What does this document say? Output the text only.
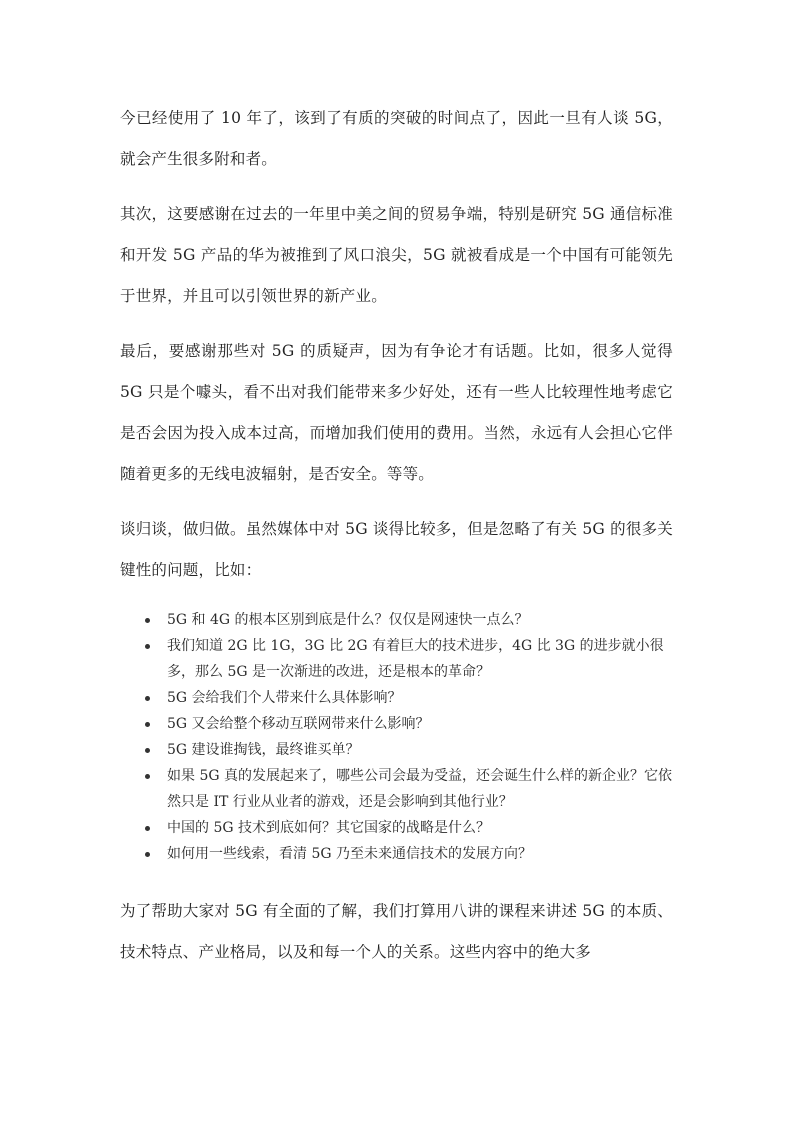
今已经使用了 10 年了，该到了有质的突破的时间点了，因此一旦有人谈 5G，就会产生很多附和者。

其次，这要感谢在过去的一年里中美之间的贸易争端，特别是研究 5G 通信标准和开发 5G 产品的华为被推到了风口浪尖，5G 就被看成是一个中国有可能领先于世界，并且可以引领世界的新产业。

最后，要感谢那些对 5G 的质疑声，因为有争论才有话题。比如，很多人觉得 5G 只是个噱头，看不出对我们能带来多少好处，还有一些人比较理性地考虑它是否会因为投入成本过高，而增加我们使用的费用。当然，永远有人会担心它伴随着更多的无线电波辐射，是否安全。等等。

谈归谈，做归做。虽然媒体中对 5G 谈得比较多，但是忽略了有关 5G 的很多关键性的问题，比如：

5G 和 4G 的根本区别到底是什么？仅仅是网速快一点么？
我们知道 2G 比 1G，3G 比 2G 有着巨大的技术进步，4G 比 3G 的进步就小很多，那么 5G 是一次渐进的改进，还是根本的革命？
5G 会给我们个人带来什么具体影响？
5G 又会给整个移动互联网带来什么影响？
5G 建设谁掏钱，最终谁买单？
如果 5G 真的发展起来了，哪些公司会最为受益，还会诞生什么样的新企业？它依然只是 IT 行业从业者的游戏，还是会影响到其他行业？
中国的 5G 技术到底如何？其它国家的战略是什么？
如何用一些线索，看清 5G 乃至未来通信技术的发展方向？

为了帮助大家对 5G 有全面的了解，我们打算用八讲的课程来讲述 5G 的本质、技术特点、产业格局，以及和每一个人的关系。这些内容中的绝大多
